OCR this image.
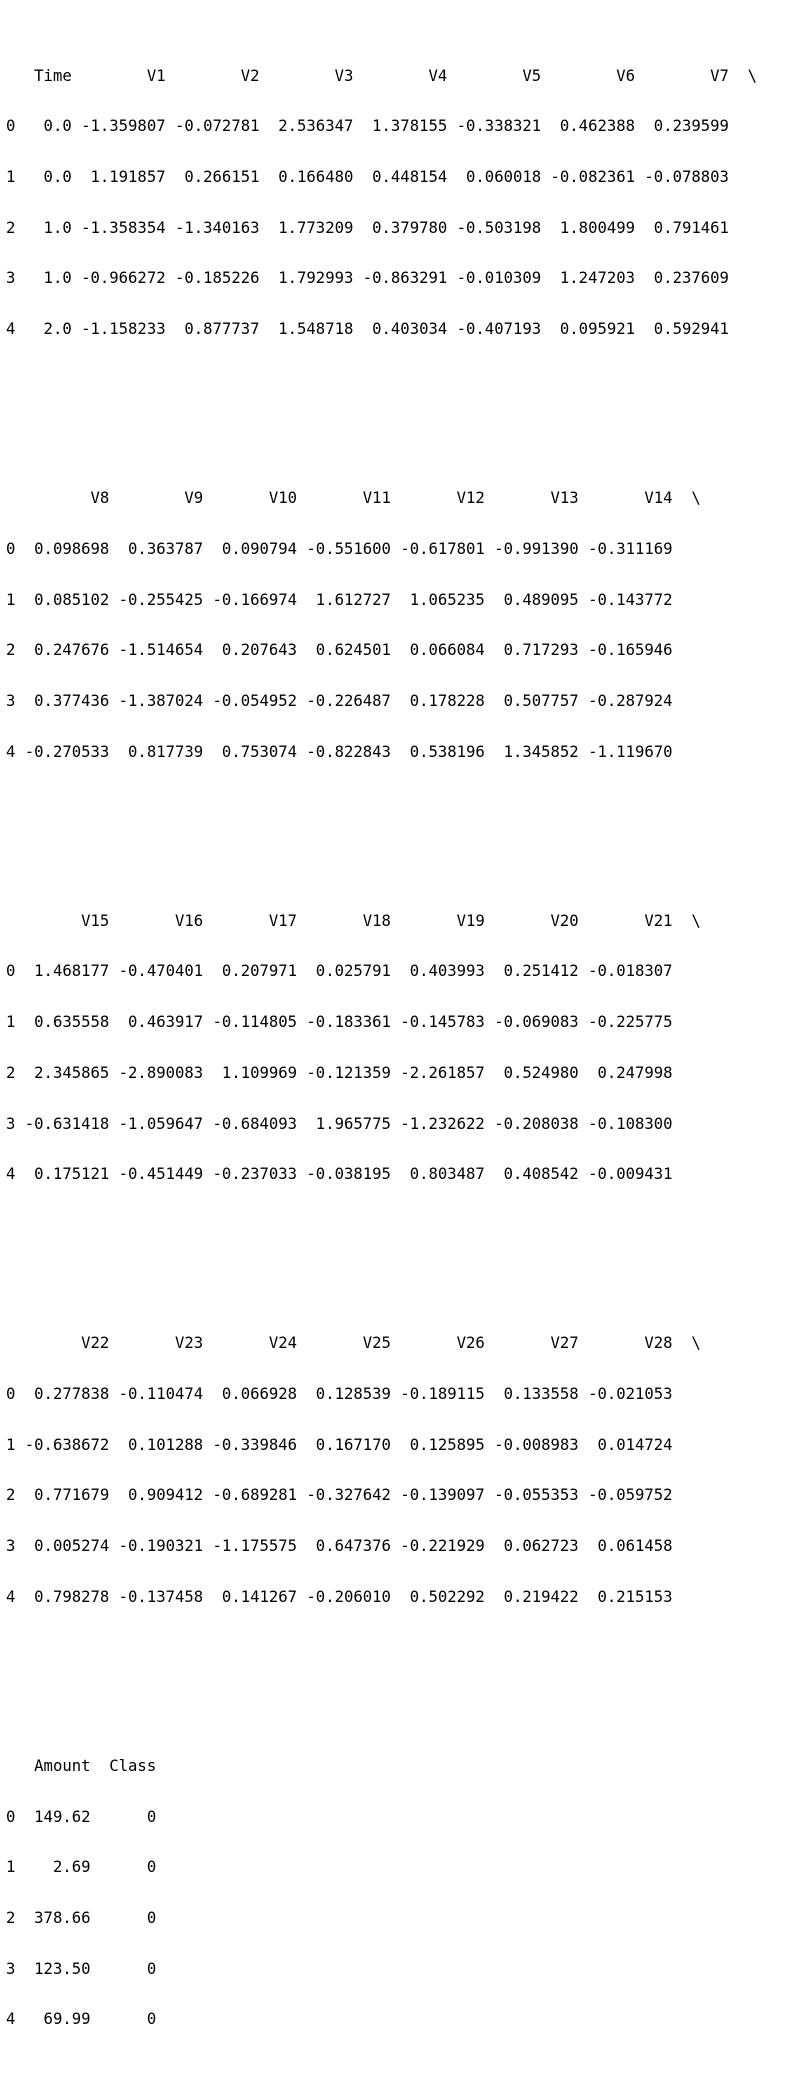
Time        V1        V2        V3        V4        V5        V6        V7  \

0   0.0 -1.359807 -0.072781  2.536347  1.378155 -0.338321  0.462388  0.239599

1   0.0  1.191857  0.266151  0.166480  0.448154  0.060018 -0.082361 -0.078803

2   1.0 -1.358354 -1.340163  1.773209  0.379780 -0.503198  1.800499  0.791461

3   1.0 -0.966272 -0.185226  1.792993 -0.863291 -0.010309  1.247203  0.237609

4   2.0 -1.158233  0.877737  1.548718  0.403034 -0.407193  0.095921  0.592941

V8        V9       V10       V11       V12       V13       V14  \

0  0.098698  0.363787  0.090794 -0.551600 -0.617801 -0.991390 -0.311169

1  0.085102 -0.255425 -0.166974  1.612727  1.065235  0.489095 -0.143772

2  0.247676 -1.514654  0.207643  0.624501  0.066084  0.717293 -0.165946

3  0.377436 -1.387024 -0.054952 -0.226487  0.178228  0.507757 -0.287924

4 -0.270533  0.817739  0.753074 -0.822843  0.538196  1.345852 -1.119670

V15       V16       V17       V18       V19       V20       V21  \

0  1.468177 -0.470401  0.207971  0.025791  0.403993  0.251412 -0.018307

1  0.635558  0.463917 -0.114805 -0.183361 -0.145783 -0.069083 -0.225775

2  2.345865 -2.890083  1.109969 -0.121359 -2.261857  0.524980  0.247998

3 -0.631418 -1.059647 -0.684093  1.965775 -1.232622 -0.208038 -0.108300

4  0.175121 -0.451449 -0.237033 -0.038195  0.803487  0.408542 -0.009431

V22       V23       V24       V25       V26       V27       V28  \

0  0.277838 -0.110474  0.066928  0.128539 -0.189115  0.133558 -0.021053

1 -0.638672  0.101288 -0.339846  0.167170  0.125895 -0.008983  0.014724

2  0.771679  0.909412 -0.689281 -0.327642 -0.139097 -0.055353 -0.059752

3  0.005274 -0.190321 -1.175575  0.647376 -0.221929  0.062723  0.061458

4  0.798278 -0.137458  0.141267 -0.206010  0.502292  0.219422  0.215153

Amount  Class

0  149.62      0

1    2.69      0

2  378.66      0

3  123.50      0

4   69.99      0
